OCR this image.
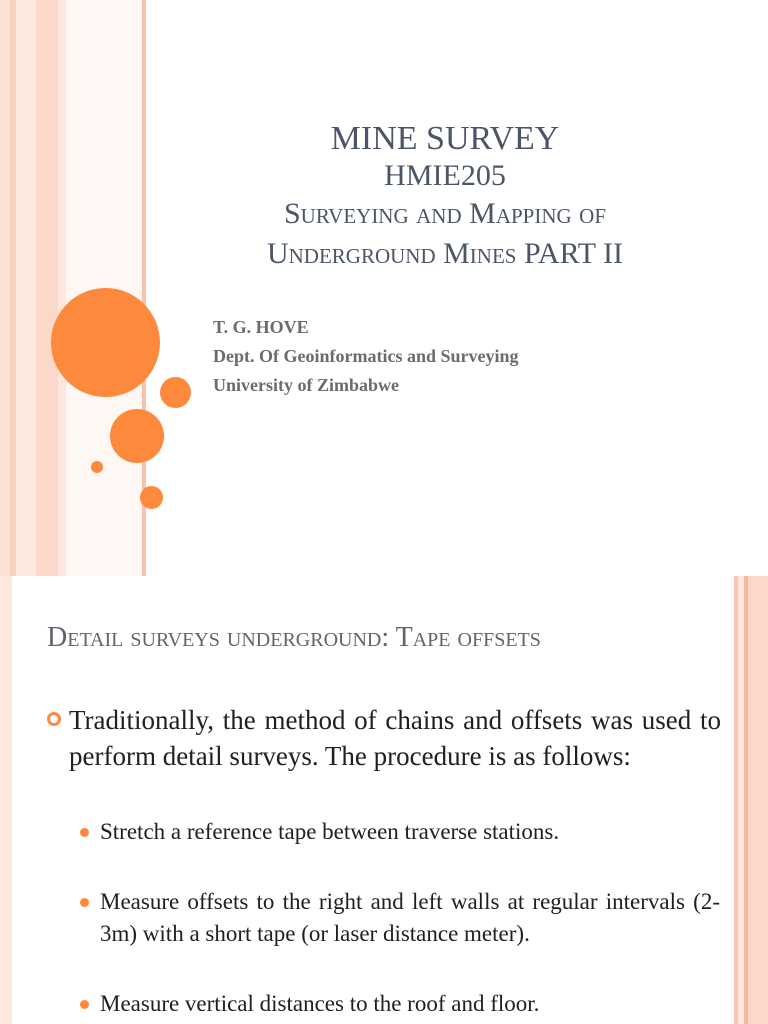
MINE SURVEY
HMIE205
Surveying and Mapping of
Underground Mines PART II
T. G. HOVE
Dept. Of Geoinformatics and Surveying
University of Zimbabwe
Detail surveys underground: Tape offsets
Traditionally, the method of chains and offsets was used to perform detail surveys. The procedure is as follows:
Stretch a reference tape between traverse stations.
Measure offsets to the right and left walls at regular intervals (2-3m) with a short tape (or laser distance meter).
Measure vertical distances to the roof and floor.
